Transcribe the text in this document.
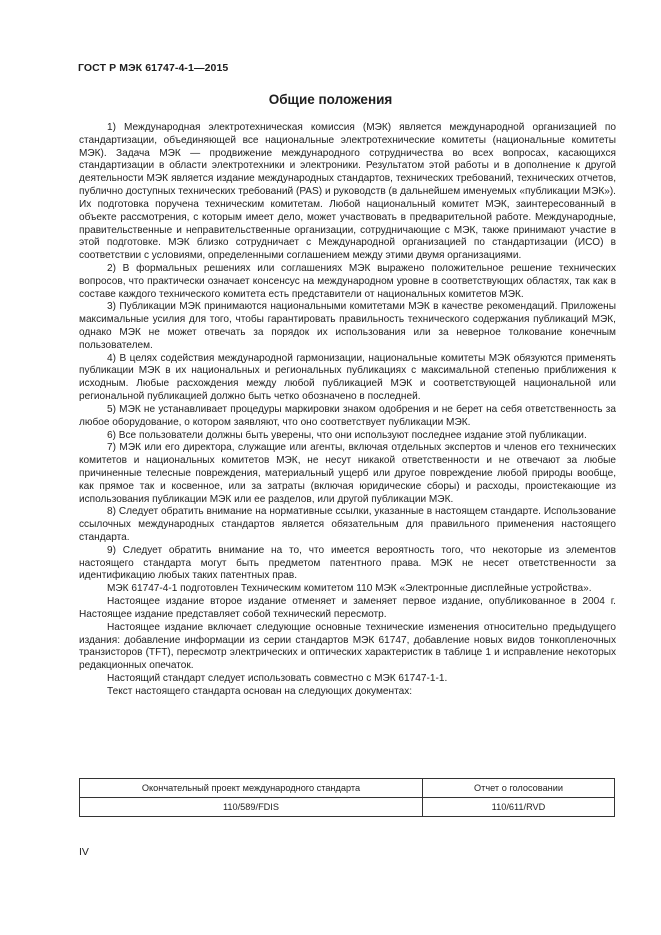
ГОСТ Р МЭК 61747-4-1—2015
Общие положения

1) Международная электротехническая комиссия (МЭК) является международной организацией по стандартизации, объединяющей все национальные электротехнические комитеты (национальные комитеты МЭК). Задача МЭК — продвижение международного сотрудничества во всех вопросах, касающихся стандартизации в области электротехники и электроники. Результатом этой работы и в дополнение к другой деятельности МЭК является издание международных стандартов, технических требований, технических отчетов, публично доступных технических требований (PAS) и руководств (в дальнейшем именуемых «публикации МЭК»). Их подготовка поручена техническим комитетам. Любой национальный комитет МЭК, заинтересованный в объекте рассмотрения, с которым имеет дело, может участвовать в предварительной работе. Международные, правительственные и неправительственные организации, сотрудничающие с МЭК, также принимают участие в этой подготовке. МЭК близко сотрудничает с Международной организацией по стандартизации (ИСО) в соответствии с условиями, определенными соглашением между этими двумя организациями.

2) В формальных решениях или соглашениях МЭК выражено положительное решение технических вопросов, что практически означает консенсус на международном уровне в соответствующих областях, так как в составе каждого технического комитета есть представители от национальных комитетов МЭК.

3) Публикации МЭК принимаются национальными комитетами МЭК в качестве рекомендаций. Приложены максимальные усилия для того, чтобы гарантировать правильность технического содержания публикаций МЭК, однако МЭК не может отвечать за порядок их использования или за неверное толкование конечным пользователем.

4) В целях содействия международной гармонизации, национальные комитеты МЭК обязуются применять публикации МЭК в их национальных и региональных публикациях с максимальной степенью приближения к исходным. Любые расхождения между любой публикацией МЭК и соответствующей национальной или региональной публикацией должно быть четко обозначено в последней.

5) МЭК не устанавливает процедуры маркировки знаком одобрения и не берет на себя ответственность за любое оборудование, о котором заявляют, что оно соответствует публикации МЭК.

6) Все пользователи должны быть уверены, что они используют последнее издание этой публикации.

7) МЭК или его директора, служащие или агенты, включая отдельных экспертов и членов его технических комитетов и национальных комитетов МЭК, не несут никакой ответственности и не отвечают за любые причиненные телесные повреждения, материальный ущерб или другое повреждение любой природы вообще, как прямое так и косвенное, или за затраты (включая юридические сборы) и расходы, проистекающие из использования публикации МЭК или ее разделов, или другой публикации МЭК.

8) Следует обратить внимание на нормативные ссылки, указанные в настоящем стандарте. Использование ссылочных международных стандартов является обязательным для правильного применения настоящего стандарта.

9) Следует обратить внимание на то, что имеется вероятность того, что некоторые из элементов настоящего стандарта могут быть предметом патентного права. МЭК не несет ответственности за идентификацию любых таких патентных прав.

МЭК 61747-4-1 подготовлен Техническим комитетом 110 МЭК «Электронные дисплейные устройства».

Настоящее издание второе издание отменяет и заменяет первое издание, опубликованное в 2004 г. Настоящее издание представляет собой технический пересмотр.

Настоящее издание включает следующие основные технические изменения относительно предыдущего издания: добавление информации из серии стандартов МЭК 61747, добавление новых видов тонкопленочных транзисторов (TFT), пересмотр электрических и оптических характеристик в таблице 1 и исправление некоторых редакционных опечаток.

Настоящий стандарт следует использовать совместно с МЭК 61747-1-1.

Текст настоящего стандарта основан на следующих документах:

Окончательный проект международного стандарта	Отчет о голосовании
110/589/FDIS	110/611/RVD
IV
